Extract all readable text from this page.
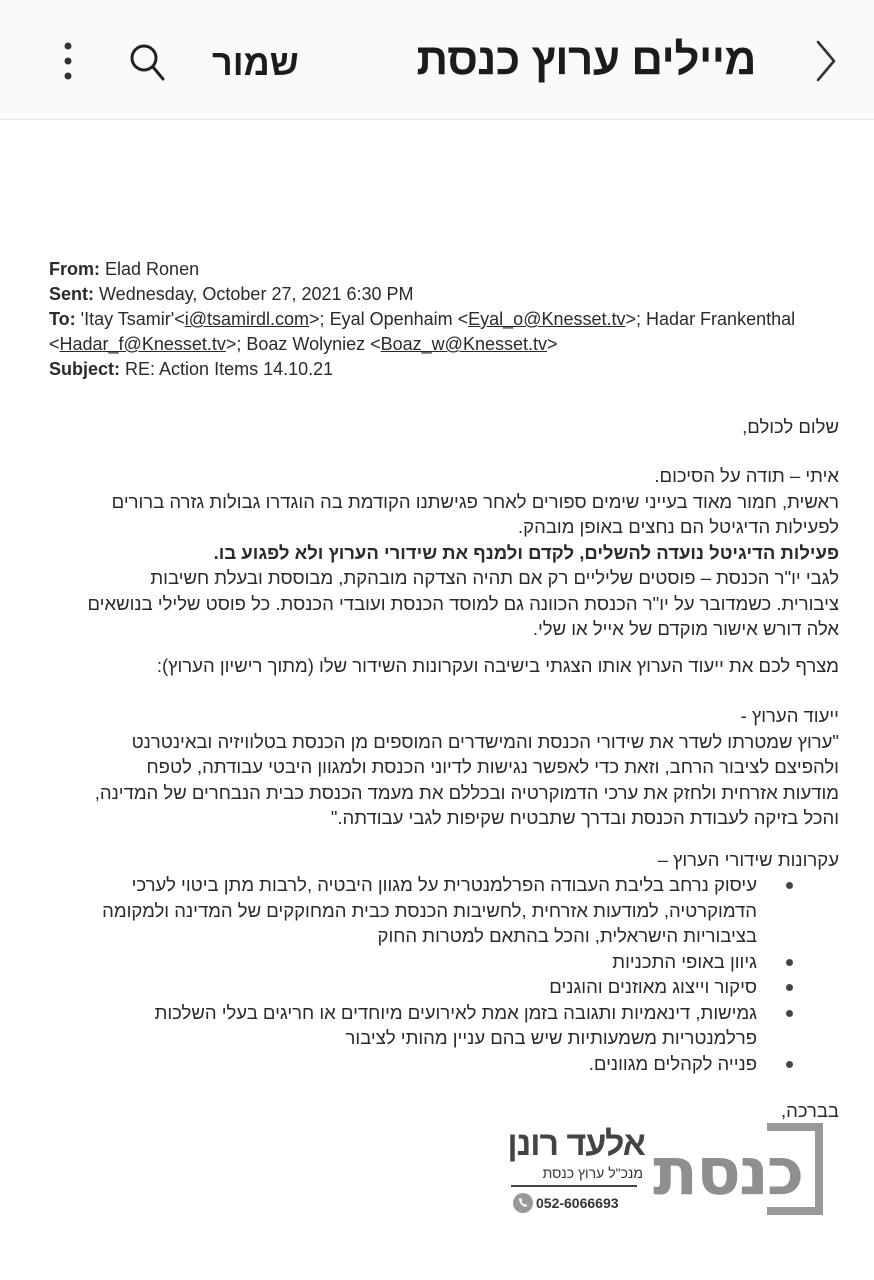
מיילים ערוץ כנסת
שמור
From: Elad Ronen
Sent: Wednesday, October 27, 2021 6:30 PM
To: 'Itay Tsamir'<i@tsamirdl.com>; Eyal Openhaim <Eyal_o@Knesset.tv>; Hadar Frankenthal <Hadar_f@Knesset.tv>; Boaz Wolyniez <Boaz_w@Knesset.tv>
Subject: RE: Action Items 14.10.21

שלום לכולם,

איתי – תודה על הסיכום.

ראשית, חמור מאוד בעייני שימים ספורים לאחר פגישתנו הקודמת בה הוגדרו גבולות גזרה ברורים

לפעילות הדיגיטל הם נחצים באופן מובהק.

פעילות הדיגיטל נועדה להשלים, לקדם ולמנף את שידורי הערוץ ולא לפגוע בו.

לגבי יו"ר הכנסת – פוסטים שליליים רק אם תהיה הצדקה מובהקת, מבוססת ובעלת חשיבות

ציבורית. כשמדובר על יו"ר הכנסת הכוונה גם למוסד הכנסת ועובדי הכנסת. כל פוסט שלילי בנושאים

אלה דורש אישור מוקדם של אייל או שלי.

מצרף לכם את ייעוד הערוץ אותו הצגתי בישיבה ועקרונות השידור שלו (מתוך רישיון הערוץ):

ייעוד הערוץ -

"ערוץ שמטרתו לשדר את שידורי הכנסת והמישדרים המוספים מן הכנסת בטלוויזיה ובאינטרנט

ולהפיצם לציבור הרחב, וזאת כדי לאפשר נגישות לדיוני הכנסת ולמגוון היבטי עבודתה, לטפח

מודעות אזרחית ולחזק את ערכי הדמוקרטיה ובכללם את מעמד הכנסת כבית הנבחרים של המדינה,

והכל בזיקה לעבודת הכנסת ובדרך שתבטיח שקיפות לגבי עבודתה."

עקרונות שידורי הערוץ –

עיסוק נרחב בליבת העבודה הפרלמנטרית על מגוון היבטיה ,לרבות מתן ביטוי לערכי

הדמוקרטיה, למודעות אזרחית ,לחשיבות הכנסת כבית המחוקקים של המדינה ולמקומה

בציבוריות הישראלית, והכל בהתאם למטרות החוק

גיוון באופי התכניות

סיקור וייצוג מאוזנים והוגנים

גמישות, דינאמיות ותגובה בזמן אמת לאירועים מיוחדים או חריגים בעלי השלכות

פרלמנטריות משמעותיות שיש בהם עניין מהותי לציבור

פנייה לקהלים מגוונים.

בברכה,

אלעד רונן
מנכ"ל ערוץ כנסת
052-6066693 כנסת
